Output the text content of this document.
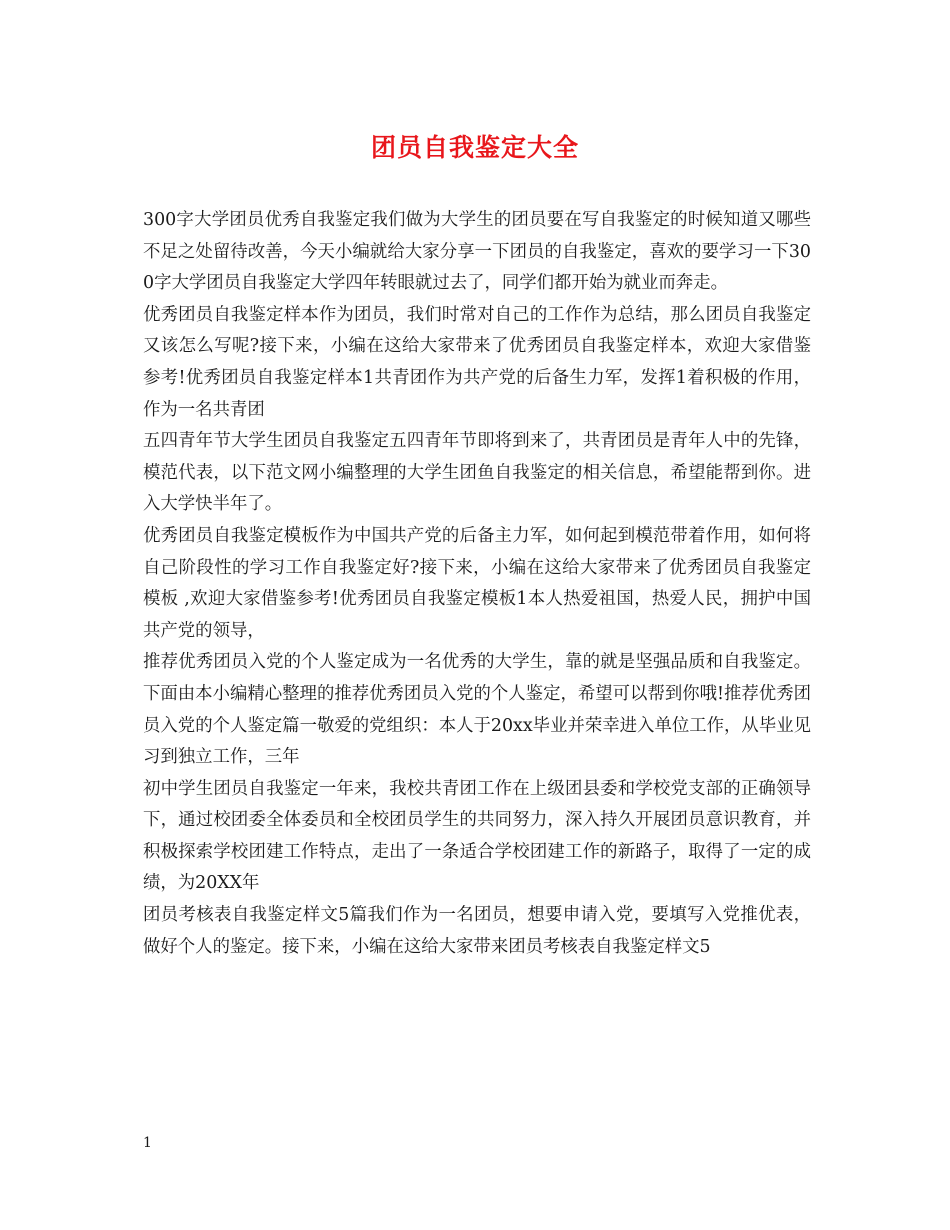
团员自我鉴定大全

300字大学团员优秀自我鉴定我们做为大学生的团员要在写自我鉴定的时候知道又哪些不足之处留待改善，今天小编就给大家分享一下团员的自我鉴定，喜欢的要学习一下300字大学团员自我鉴定大学四年转眼就过去了，同学们都开始为就业而奔走。

优秀团员自我鉴定样本作为团员，我们时常对自己的工作作为总结，那么团员自我鉴定又该怎么写呢?接下来，小编在这给大家带来了优秀团员自我鉴定样本，欢迎大家借鉴参考!优秀团员自我鉴定样本1共青团作为共产党的后备生力军，发挥1着积极的作用，作为一名共青团

五四青年节大学生团员自我鉴定五四青年节即将到来了，共青团员是青年人中的先锋，模范代表，以下范文网小编整理的大学生团鱼自我鉴定的相关信息，希望能帮到你。进入大学快半年了。

优秀团员自我鉴定模板作为中国共产党的后备主力军，如何起到模范带着作用，如何将自己阶段性的学习工作自我鉴定好?接下来，小编在这给大家带来了优秀团员自我鉴定模板 ,欢迎大家借鉴参考!优秀团员自我鉴定模板1本人热爱祖国，热爱人民，拥护中国共产党的领导，

推荐优秀团员入党的个人鉴定成为一名优秀的大学生，靠的就是坚强品质和自我鉴定。下面由本小编精心整理的推荐优秀团员入党的个人鉴定，希望可以帮到你哦!推荐优秀团员入党的个人鉴定篇一敬爱的党组织：本人于20xx毕业并荣幸进入单位工作，从毕业见习到独立工作，三年

初中学生团员自我鉴定一年来，我校共青团工作在上级团县委和学校党支部的正确领导下，通过校团委全体委员和全校团员学生的共同努力，深入持久开展团员意识教育，并积极探索学校团建工作特点，走出了一条适合学校团建工作的新路子，取得了一定的成绩，为20XX年

团员考核表自我鉴定样文5篇我们作为一名团员，想要申请入党，要填写入党推优表，做好个人的鉴定。接下来，小编在这给大家带来团员考核表自我鉴定样文5

1
